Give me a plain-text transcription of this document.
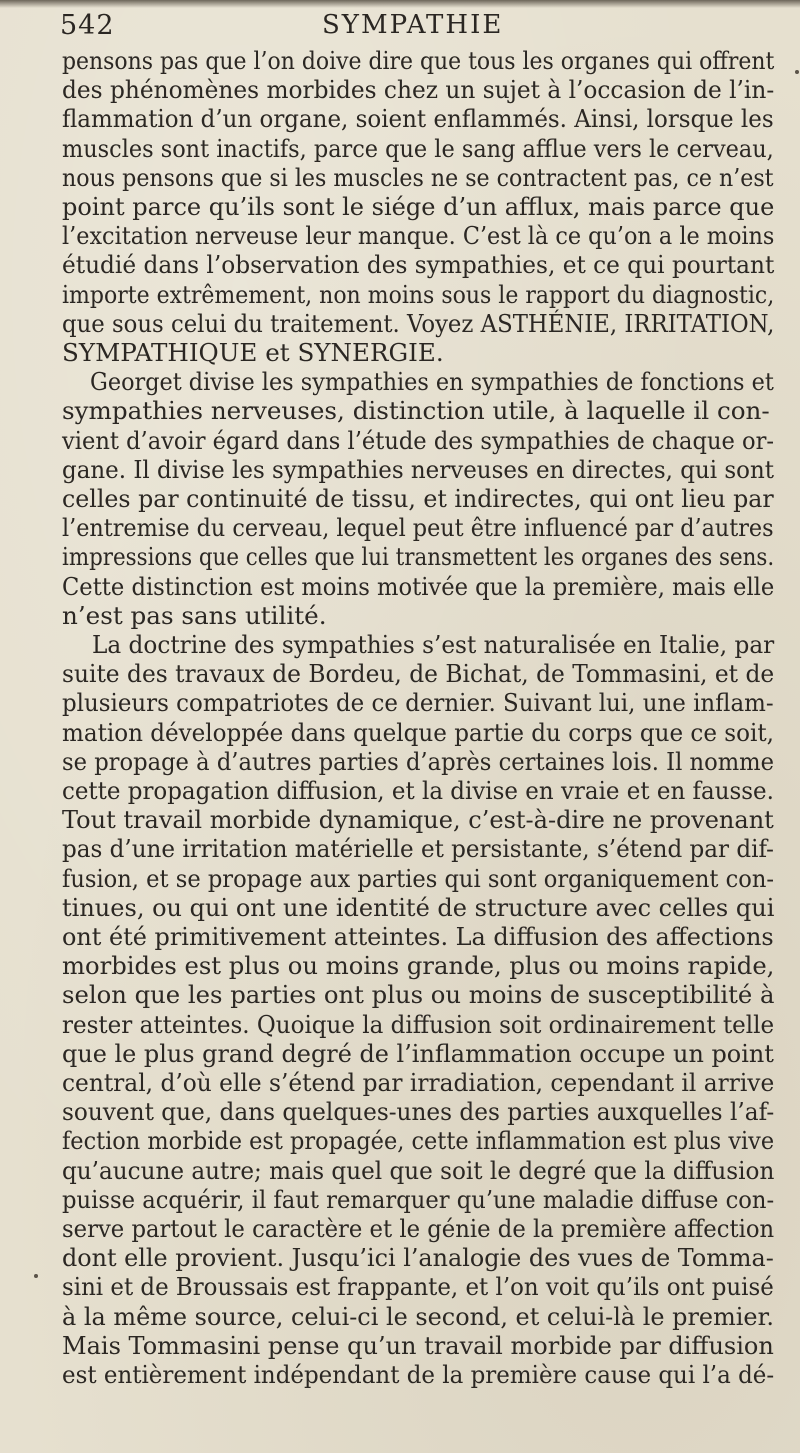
542	SYMPATHIE
pensons pas que l’on doive dire que tous les organes qui offrent
des phénomènes morbides chez un sujet à l’occasion de l’in-
flammation d’un organe, soient enflammés. Ainsi, lorsque les
muscles sont inactifs, parce que le sang afflue vers le cerveau,
nous pensons que si les muscles ne se contractent pas, ce n’est
point parce qu’ils sont le siége d’un afflux, mais parce que
l’excitation nerveuse leur manque. C’est là ce qu’on a le moins
étudié dans l’observation des sympathies, et ce qui pourtant
importe extrêmement, non moins sous le rapport du diagnostic,
que sous celui du traitement. Voyez ASTHÉNIE, IRRITATION,
SYMPATHIQUE et SYNERGIE.
Georget divise les sympathies en sympathies de fonctions et
sympathies nerveuses, distinction utile, à laquelle il con-
vient d’avoir égard dans l’étude des sympathies de chaque or-
gane. Il divise les sympathies nerveuses en directes, qui sont
celles par continuité de tissu, et indirectes, qui ont lieu par
l’entremise du cerveau, lequel peut être influencé par d’autres
impressions que celles que lui transmettent les organes des sens.
Cette distinction est moins motivée que la première, mais elle
n’est pas sans utilité.
La doctrine des sympathies s’est naturalisée en Italie, par
suite des travaux de Bordeu, de Bichat, de Tommasini, et de
plusieurs compatriotes de ce dernier. Suivant lui, une inflam-
mation développée dans quelque partie du corps que ce soit,
se propage à d’autres parties d’après certaines lois. Il nomme
cette propagation diffusion, et la divise en vraie et en fausse.
Tout travail morbide dynamique, c’est-à-dire ne provenant
pas d’une irritation matérielle et persistante, s’étend par dif-
fusion, et se propage aux parties qui sont organiquement con-
tinues, ou qui ont une identité de structure avec celles qui
ont été primitivement atteintes. La diffusion des affections
morbides est plus ou moins grande, plus ou moins rapide,
selon que les parties ont plus ou moins de susceptibilité à
rester atteintes. Quoique la diffusion soit ordinairement telle
que le plus grand degré de l’inflammation occupe un point
central, d’où elle s’étend par irradiation, cependant il arrive
souvent que, dans quelques-unes des parties auxquelles l’af-
fection morbide est propagée, cette inflammation est plus vive
qu’aucune autre; mais quel que soit le degré que la diffusion
puisse acquérir, il faut remarquer qu’une maladie diffuse con-
serve partout le caractère et le génie de la première affection
dont elle provient. Jusqu’ici l’analogie des vues de Tomma-
sini et de Broussais est frappante, et l’on voit qu’ils ont puisé
à la même source, celui-ci le second, et celui-là le premier.
Mais Tommasini pense qu’un travail morbide par diffusion
est entièrement indépendant de la première cause qui l’a dé-
